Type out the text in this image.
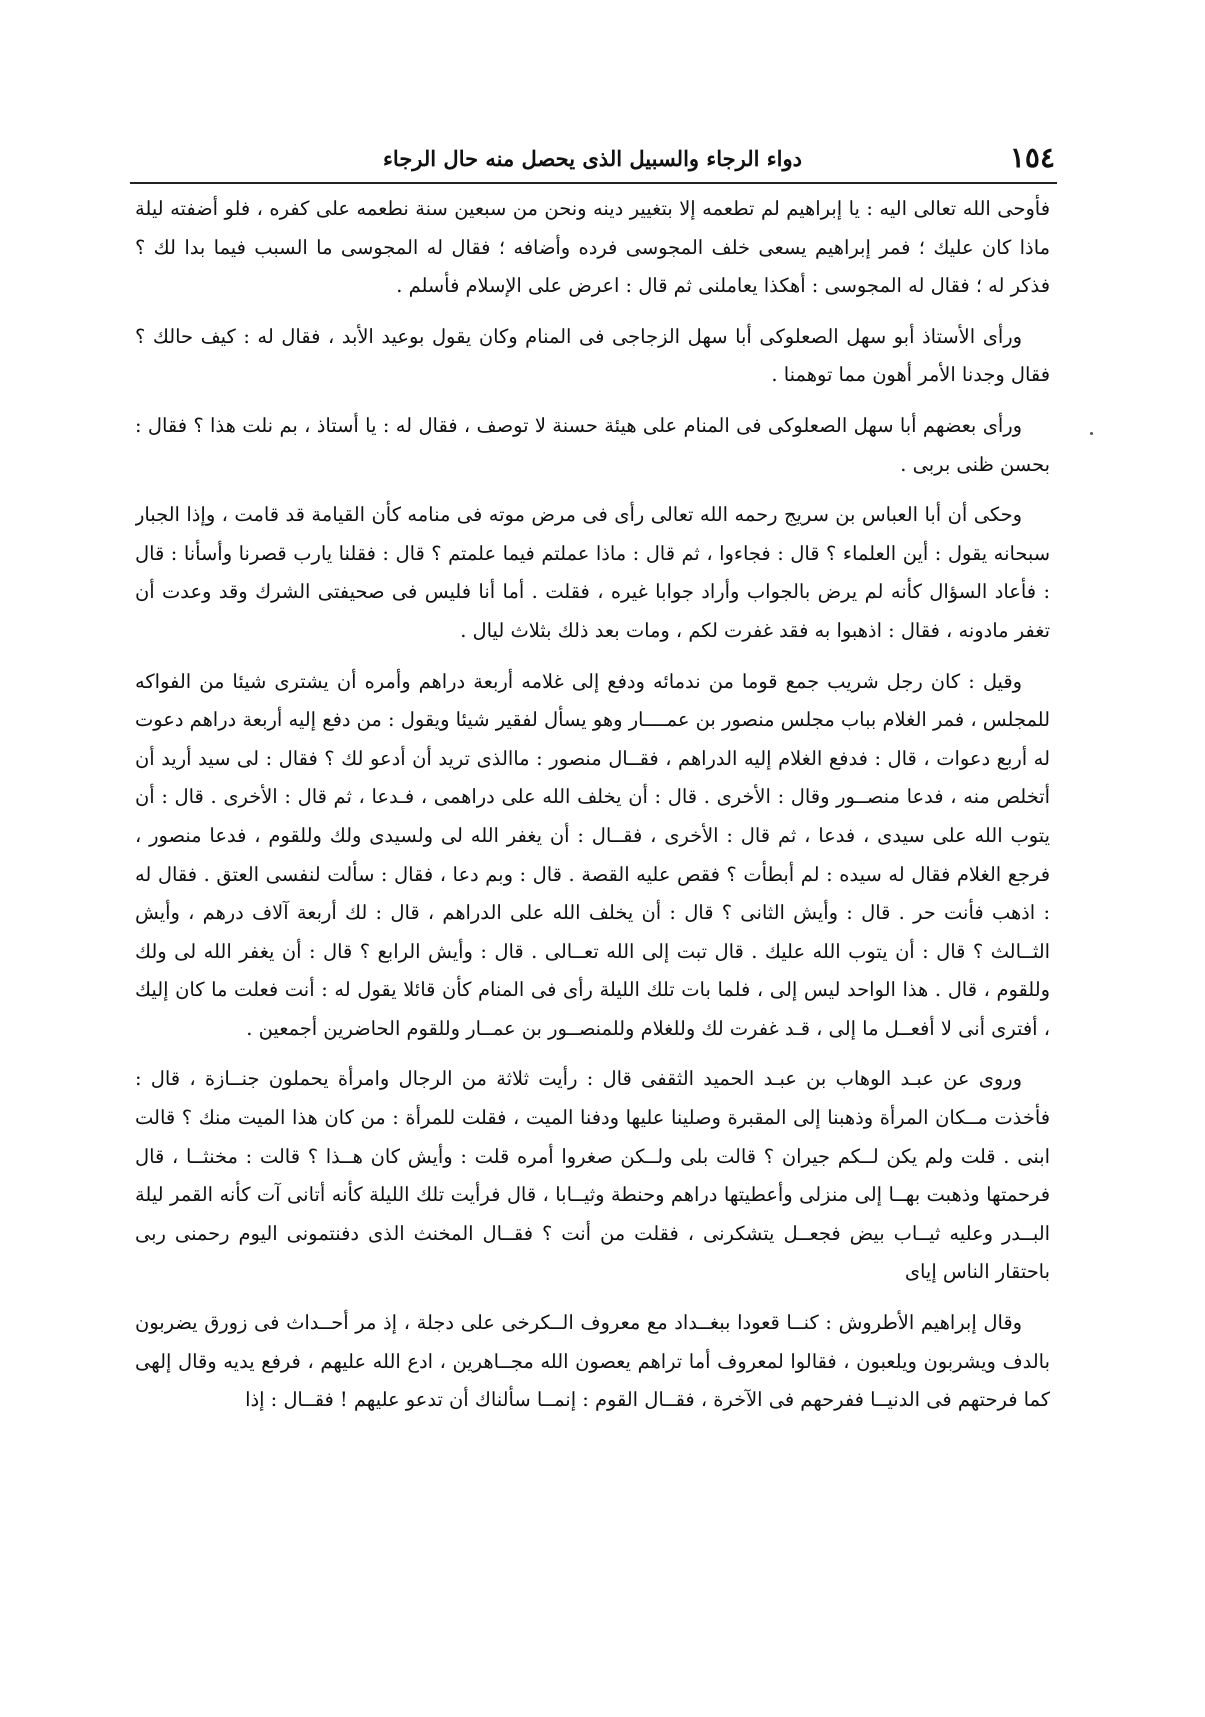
١٥٤
دواء الرجاء والسبيل الذى يحصل منه حال الرجاء

فأوحى الله تعالى اليه : يا إبراهيم لم تطعمه إلا بتغيير دينه ونحن من سبعين سنة نطعمه على كفره ، فلو أضفته ليلة ماذا كان عليك ؛ فمر إبراهيم يسعى خلف المجوسى فرده وأضافه ؛ فقال له المجوسى ما السبب فيما بدا لك ؟ فذكر له ؛ فقال له المجوسى : أهكذا يعاملنى ثم قال : اعرض على الإسلام فأسلم .

ورأى الأستاذ أبو سهل الصعلوكى أبا سهل الزجاجى فى المنام وكان يقول بوعيد الأبد ، فقال له : كيف حالك ؟ فقال وجدنا الأمر أهون مما توهمنا .

ورأى بعضهم أبا سهل الصعلوكى فى المنام على هيئة حسنة لا توصف ، فقال له : يا أستاذ ، بم نلت هذا ؟ فقال : بحسن ظنى بربى .

وحكى أن أبا العباس بن سريج رحمه الله تعالى رأى فى مرض موته فى منامه كأن القيامة قد قامت ، وإذا الجبار سبحانه يقول : أين العلماء ؟ قال : فجاءوا ، ثم قال : ماذا عملتم فيما علمتم ؟ قال : فقلنا يارب قصرنا وأسأنا : قال : فأعاد السؤال كأنه لم يرض بالجواب وأراد جوابا غيره ، فقلت . أما أنا فليس فى صحيفتى الشرك وقد وعدت أن تغفر مادونه ، فقال : اذهبوا به فقد غفرت لكم ، ومات بعد ذلك بثلاث ليال .

وقيل : كان رجل شريب جمع قوما من ندمائه ودفع إلى غلامه أربعة دراهم وأمره أن يشترى شيئا من الفواكه للمجلس ، فمر الغلام بباب مجلس منصور بن عمــــار وهو يسأل لفقير شيئا ويقول : من دفع إليه أربعة دراهم دعوت له أربع دعوات ، قال : فدفع الغلام إليه الدراهم ، فقــال منصور : ماالذى تريد أن أدعو لك ؟ فقال : لى سيد أريد أن أتخلص منه ، فدعا منصــور وقال : الأخرى . قال : أن يخلف الله على دراهمى ، فـدعا ، ثم قال : الأخرى . قال : أن يتوب الله على سيدى ، فدعا ، ثم قال : الأخرى ، فقــال : أن يغفر الله لى ولسيدى ولك وللقوم ، فدعا منصور ، فرجع الغلام فقال له سيده : لم أبطأت ؟ فقص عليه القصة . قال : وبم دعا ، فقال : سألت لنفسى العتق . فقال له : اذهب فأنت حر . قال : وأيش الثانى ؟ قال : أن يخلف الله على الدراهم ، قال : لك أربعة آلاف درهم ، وأيش الثــالث ؟ قال : أن يتوب الله عليك . قال تبت إلى الله تعــالى . قال : وأيش الرابع ؟ قال : أن يغفر الله لى ولك وللقوم ، قال . هذا الواحد ليس إلى ، فلما بات تلك الليلة رأى فى المنام كأن قائلا يقول له : أنت فعلت ما كان إليك ، أفترى أنى لا أفعــل ما إلى ، قـد غفرت لك وللغلام وللمنصــور بن عمــار وللقوم الحاضرين أجمعين .

وروى عن عبـد الوهاب بن عبـد الحميد الثقفى قال : رأيت ثلاثة من الرجال وامرأة يحملون جنــازة ، قال : فأخذت مــكان المرأة وذهبنا إلى المقبرة وصلينا عليها ودفنا الميت ، فقلت للمرأة : من كان هذا الميت منك ؟ قالت ابنى . قلت ولم يكن لــكم جيران ؟ قالت بلى ولــكن صغروا أمره قلت : وأيش كان هــذا ؟ قالت : مخنثــا ، قال فرحمتها وذهبت بهــا إلى منزلى وأعطيتها دراهم وحنطة وثيــابا ، قال فرأيت تلك الليلة كأنه أتانى آت كأنه القمر ليلة البــدر وعليه ثيــاب بيض فجعــل يتشكرنى ، فقلت من أنت ؟ فقــال المخنث الذى دفنتمونى اليوم رحمنى ربى باحتقار الناس إياى

وقال إبراهيم الأطروش : كنــا قعودا ببغــداد مع معروف الــكرخى على دجلة ، إذ مر أحــداث فى زورق يضربون بالدف ويشربون ويلعبون ، فقالوا لمعروف أما تراهم يعصون الله مجــاهرين ، ادع الله عليهم ، فرفع يديه وقال إلهى كما فرحتهم فى الدنيــا ففرحهم فى الآخرة ، فقــال القوم : إنمــا سألناك أن تدعو عليهم ! فقــال : إذا
